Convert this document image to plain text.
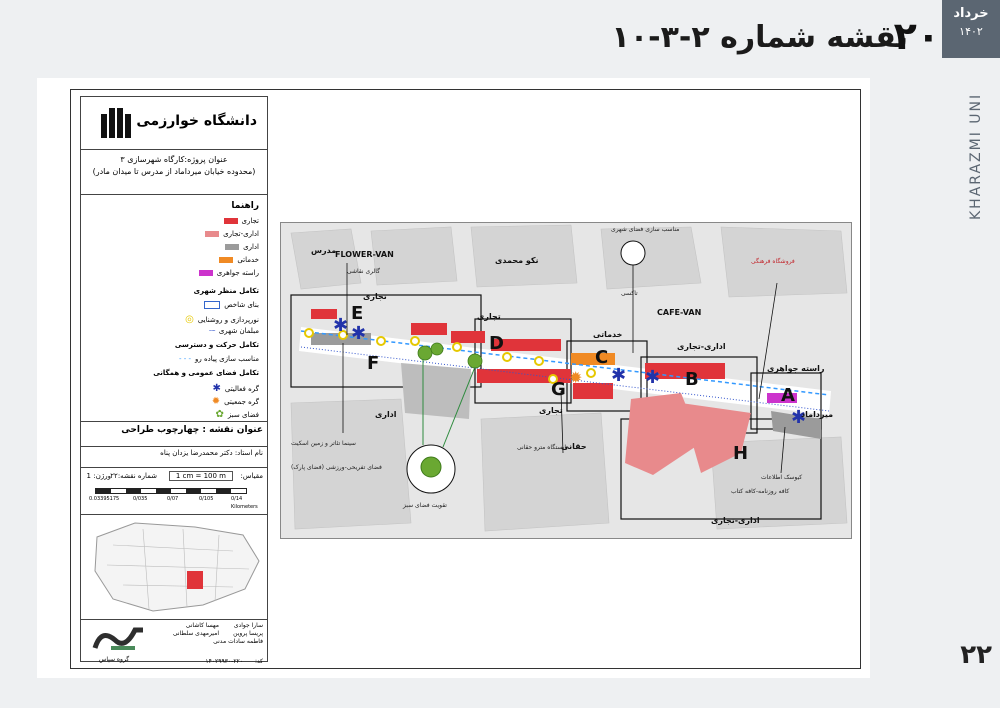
نقشه شماره ۲-۳-۱۰
۲۰
خرداد
۱۴۰۲
KHARAZMI UNI
۲۲
دانشگاه خوارزمی
عنوان پروژه:کارگاه شهرسازی ۳
(محدوده خیابان میرداماد از مدرس تا میدان مادر)
راهنما
تجاری
اداری-تجاری
اداری
خدماتی
راسته جواهری
تکامل منظر شهری
بنای شاخص
نورپردازی و روشنایی
◎
مبلمان شهری
·····
تکامل حرکت و دسترسی
مناسب سازی پیاده رو
- - -
تکامل فضای عمومی و همگانی
گره فعالیتی
✱
گره جمعیتی
✹
فضای سبز
✿
عنوان نقشه : چهارچوب طراحی
نام استاد: دکتر محمدرضا یزدان پناه
مقیاس:
1 cm = 100 m
شماره نقشه:۲۲
ورژن:
1
0.03395175	0/035	0/07	0/105	0/14
Kilometers
گروه سپاس
سارا جوادی
پریسا پروین
فاطمه سادات مدنی
مهسا کاشانی
امیرمهدی سلطانی
کد:
۱۴۰۲۹۹۳۰-۲۲۰
✱ ✱
✱ ✱
✱
✹
A
B
C
D
E
F
G
H
FLOWER-VAN
CAFE-VAN
مدرس
نکو محمدی
تجاری
تجاری
تجاری
خدماتی
اداری-تجاری
اداری-تجاری
راسته جواهری
اداری	میرداماد
حقانی
مناسب سازی فضای شهری
تاکسی
گالری نقاشی
سینما تئاتر و زمین اسکیت
فضای تفریحی-ورزشی (فضای پارک)
ایستگاه مترو حقانی
فروشگاه فرهنگی
کیوسک اطلاعات
کافه روزنامه-کافه کتاب
تقویت فضای سبز
